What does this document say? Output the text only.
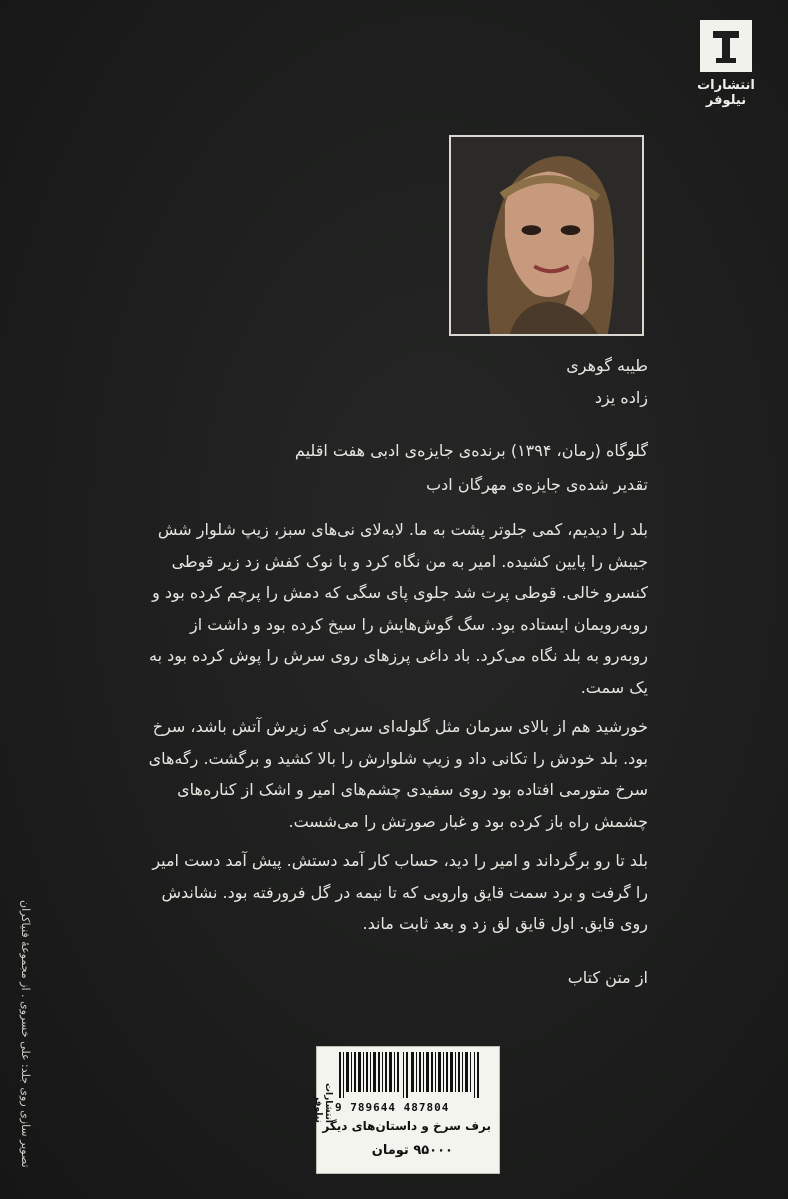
انتشارات نیلوفر
طیبه گوهری
زاده یزد
گلوگاه (رمان، ۱۳۹۴) برنده‌ی جایزه‌ی ادبی هفت اقلیم
تقدیر شده‌ی جایزه‌ی مهرگان ادب

بلد را دیدیم، کمی جلوتر پشت به ما. لابه‌لای نی‌های سبز، زیپ شلوار شش جیبش را پایین کشیده. امیر به من نگاه کرد و با نوک کفش زد زیر قوطی کنسرو خالی. قوطی پرت شد جلوی پای سگی که دمش را پرچم کرده بود و روبه‌رویمان ایستاده بود. سگ گوش‌هایش را سیخ کرده بود و داشت از روبه‌رو به بلد نگاه می‌کرد. باد داغی پرزهای روی سرش را پوش کرده بود به یک سمت.

خورشید هم از بالای سرمان مثل گلوله‌ای سربی که زیرش آتش باشد، سرخ بود. بلد خودش را تکانی داد و زیپ شلوارش را بالا کشید و برگشت. رگه‌های سرخ متورمی افتاده بود روی سفیدی چشم‌های امیر و اشک از کناره‌های چشمش راه باز کرده بود و غبار صورتش را می‌شست.

بلد تا رو برگرداند و امیر را دید، حساب کار آمد دستش. پیش آمد دست امیر را گرفت و برد سمت قایق وارویی که تا نیمه در گل فرورفته بود. نشاندش روی قایق. اول قایق لق زد و بعد ثابت ماند.

از متن کتاب
تصویر سازی روی جلد: علی خسروی . از مجموعهٔ فنیاکران	انتشارات نیلوفر	9 789644 487804
برف سرخ و داستان‌های دیگر
۹۵۰۰۰ تومان
